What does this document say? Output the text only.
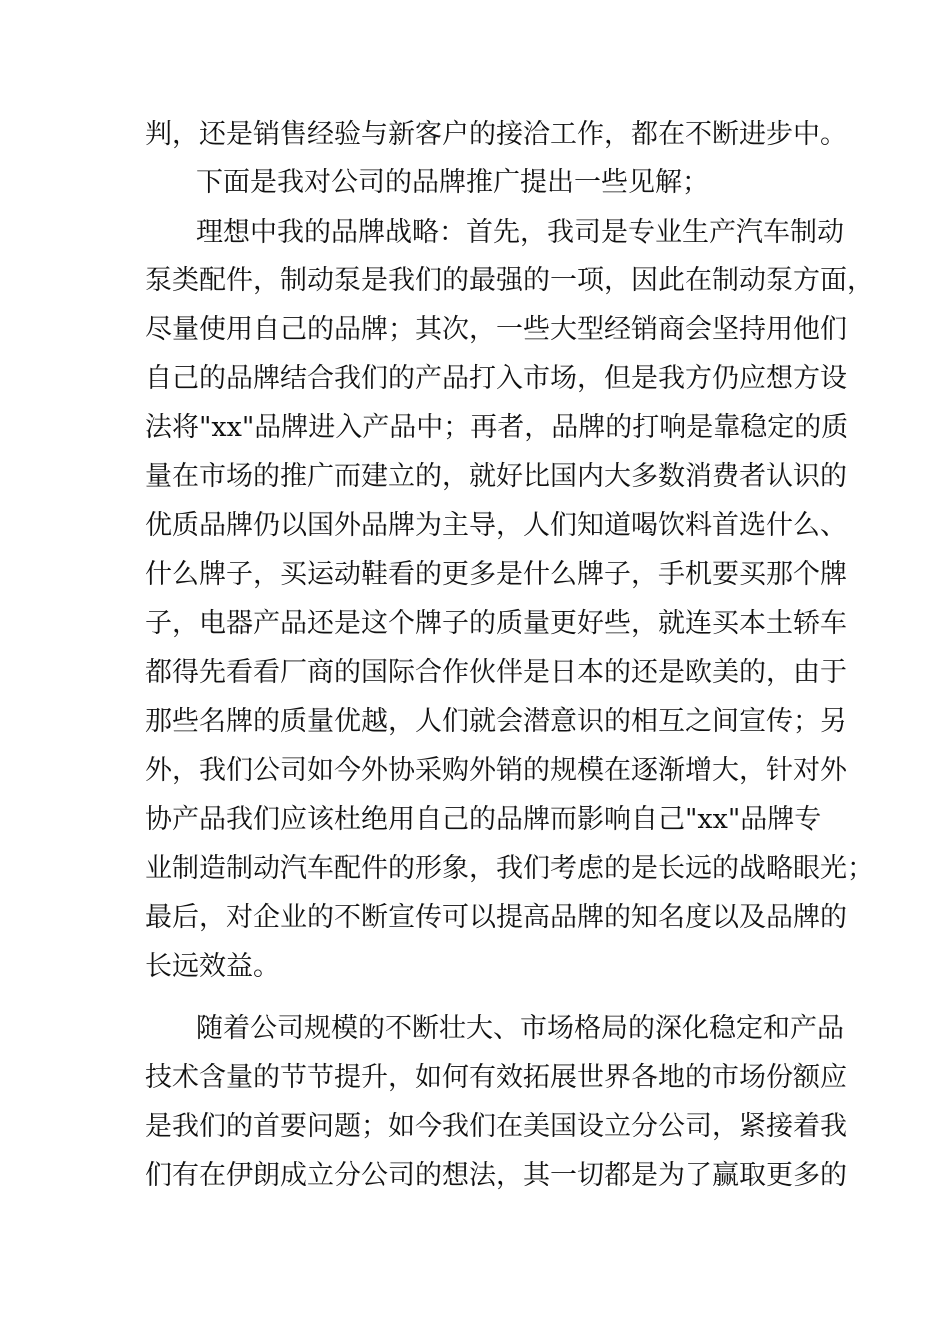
判，还是销售经验与新客户的接洽工作，都在不断进步中。

下面是我对公司的品牌推广提出一些见解；

理想中我的品牌战略：首先，我司是专业生产汽车制动

泵类配件，制动泵是我们的最强的一项，因此在制动泵方面，

尽量使用自己的品牌；其次，一些大型经销商会坚持用他们

自己的品牌结合我们的产品打入市场，但是我方仍应想方设

法将"xx"品牌进入产品中；再者，品牌的打响是靠稳定的质

量在市场的推广而建立的，就好比国内大多数消费者认识的

优质品牌仍以国外品牌为主导，人们知道喝饮料首选什么、

什么牌子，买运动鞋看的更多是什么牌子，手机要买那个牌

子，电器产品还是这个牌子的质量更好些，就连买本土轿车

都得先看看厂商的国际合作伙伴是日本的还是欧美的，由于

那些名牌的质量优越，人们就会潜意识的相互之间宣传；另

外，我们公司如今外协采购外销的规模在逐渐增大，针对外

协产品我们应该杜绝用自己的品牌而影响自己"xx"品牌专

业制造制动汽车配件的形象，我们考虑的是长远的战略眼光；

最后，对企业的不断宣传可以提高品牌的知名度以及品牌的

长远效益。

随着公司规模的不断壮大、市场格局的深化稳定和产品

技术含量的节节提升，如何有效拓展世界各地的市场份额应

是我们的首要问题；如今我们在美国设立分公司，紧接着我

们有在伊朗成立分公司的想法，其一切都是为了赢取更多的
